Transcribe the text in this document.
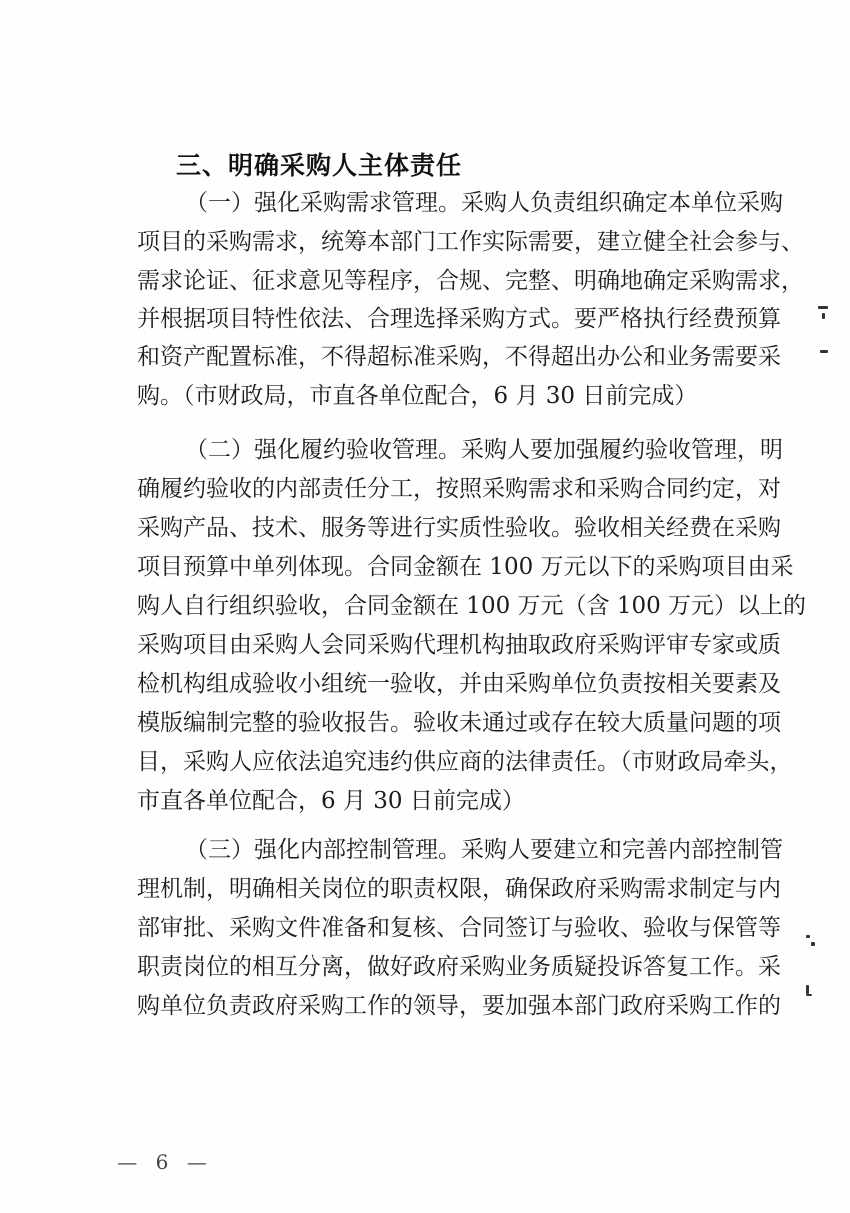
三、明确采购人主体责任
（一）强化采购需求管理。采购人负责组织确定本单位采购
项目的采购需求，统筹本部门工作实际需要，建立健全社会参与、
需求论证、征求意见等程序，合规、完整、明确地确定采购需求，
并根据项目特性依法、合理选择采购方式。要严格执行经费预算
和资产配置标准，不得超标准采购，不得超出办公和业务需要采
购。（市财政局，市直各单位配合，6 月 30 日前完成）
（二）强化履约验收管理。采购人要加强履约验收管理，明
确履约验收的内部责任分工，按照采购需求和采购合同约定，对
采购产品、技术、服务等进行实质性验收。验收相关经费在采购
项目预算中单列体现。合同金额在 100 万元以下的采购项目由采
购人自行组织验收，合同金额在 100 万元（含 100 万元）以上的
采购项目由采购人会同采购代理机构抽取政府采购评审专家或质
检机构组成验收小组统一验收，并由采购单位负责按相关要素及
模版编制完整的验收报告。验收未通过或存在较大质量问题的项
目，采购人应依法追究违约供应商的法律责任。（市财政局牵头，
市直各单位配合，6 月 30 日前完成）
（三）强化内部控制管理。采购人要建立和完善内部控制管
理机制，明确相关岗位的职责权限，确保政府采购需求制定与内
部审批、采购文件准备和复核、合同签订与验收、验收与保管等
职责岗位的相互分离，做好政府采购业务质疑投诉答复工作。采
购单位负责政府采购工作的领导，要加强本部门政府采购工作的
— 6 —
